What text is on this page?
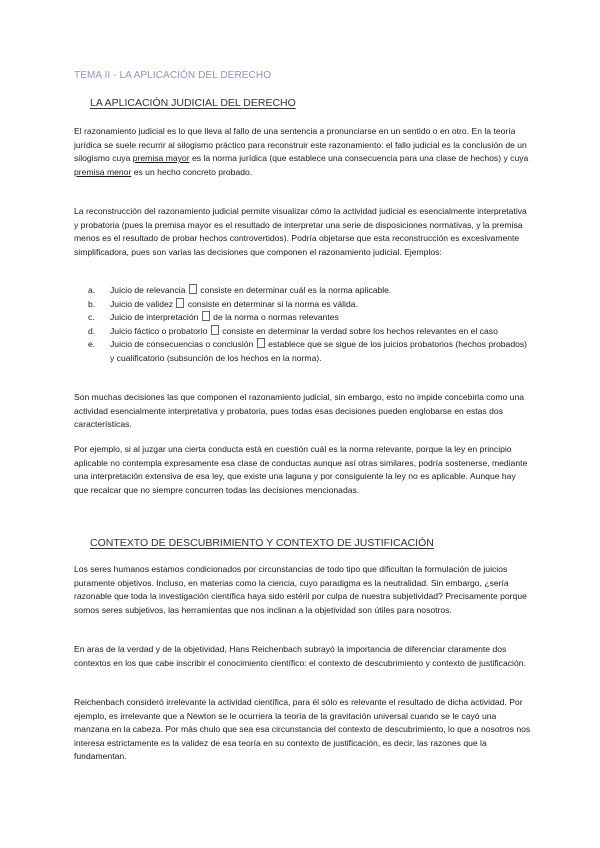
TEMA II - LA APLICACIÓN DEL DERECHO
LA APLICACIÓN JUDICIAL DEL DERECHO

El razonamiento judicial es lo que lleva al fallo de una sentencia a pronunciarse en un sentido o en otro. En la teoría jurídica se suele recurrir al silogismo práctico para reconstruir este razonamiento: el fallo judicial es la conclusión de un silogismo cuya premisa mayor es la norma jurídica (que establece una consecuencia para una clase de hechos) y cuya premisa menor es un hecho concreto probado.

La reconstrucción del razonamiento judicial permite visualizar cómo la actividad judicial es esencialmente interpretativa y probatoria (pues la premisa mayor es el resultado de interpretar una serie de disposiciones normativas, y la premisa menos es el resultado de probar hechos controvertidos). Podría objetarse que esta reconstrucción es excesivamente simplificadora, pues son varias las decisiones que componen el razonamiento judicial. Ejemplos:

a.	Juicio de relevancia consiste en determinar cuál es la norma aplicable.
b.	Juicio de validez consiste en determinar si la norma es válida.
c.	Juicio de interpretación de la norma o normas relevantes
d.	Juicio fáctico o probatorio consiste en determinar la verdad sobre los hechos relevantes en el caso
e.	Juicio de consecuencias o conclusión establece que se sigue de los juicios probatorios (hechos probados) y cualificatorio (subsunción de los hechos en la norma).

Son muchas decisiones las que componen el razonamiento judicial, sin embargo, esto no impide concebirla como una actividad esencialmente interpretativa y probatoria, pues todas esas decisiones pueden englobarse en estas dos características.

Por ejemplo, si al juzgar una cierta conducta está en cuestión cuál es la norma relevante, porque la ley en principio aplicable no contempla expresamente esa clase de conductas aunque así otras similares, podría sostenerse, mediante una interpretación extensiva de esa ley, que existe una laguna y por consiguiente la ley no es aplicable. Aunque hay que recalcar que no siempre concurren todas las decisiones mencionadas.

CONTEXTO DE DESCUBRIMIENTO Y CONTEXTO DE JUSTIFICACIÓN

Los seres humanos estamos condicionados por circunstancias de todo tipo que dificultan la formulación de juicios puramente objetivos. Incluso, en materias como la ciencia, cuyo paradigma es la neutralidad. Sin embargo, ¿sería razonable que toda la investigación científica haya sido estéril por culpa de nuestra subjetividad? Precisamente porque somos seres subjetivos, las herramientas que nos inclinan a la objetividad son útiles para nosotros.

En aras de la verdad y de la objetividad, Hans Reichenbach subrayó la importancia de diferenciar claramente dos contextos en los que cabe inscribir el conocimiento científico: el contexto de descubrimiento y contexto de justificación.

Reichenbach consideró irrelevante la actividad científica, para él sólo es relevante el resultado de dicha actividad. Por ejemplo, es irrelevante que a Newton se le ocurriera la teoría de la gravitación universal cuando se le cayó una manzana en la cabeza. Por más chulo que sea esa circunstancia del contexto de descubrimiento, lo que a nosotros nos interesa estrictamente es la validez de esa teoría en su contexto de justificación, es decir, las razones que la fundamentan.
